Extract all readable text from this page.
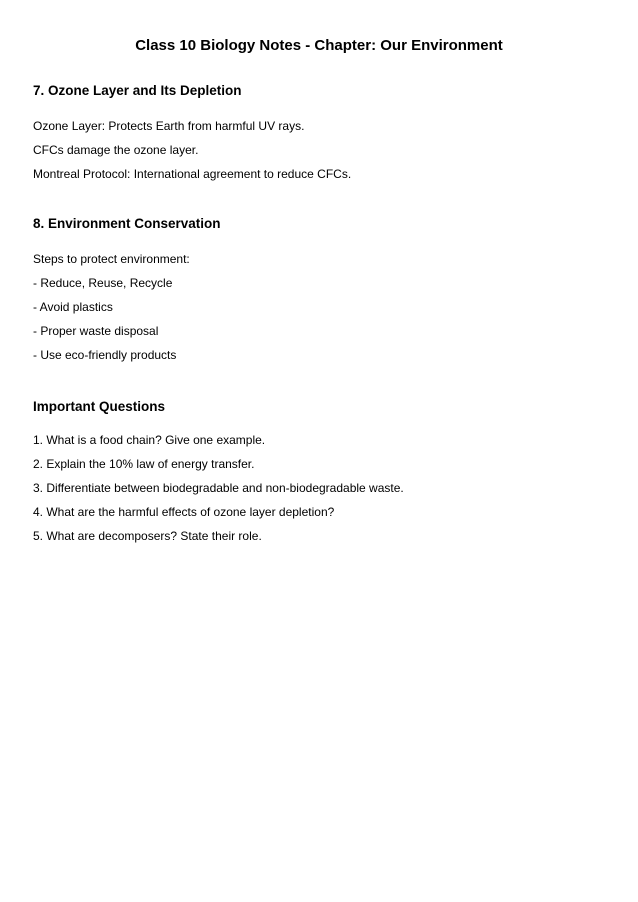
Class 10 Biology Notes - Chapter: Our Environment
7. Ozone Layer and Its Depletion

Ozone Layer: Protects Earth from harmful UV rays.

CFCs damage the ozone layer.

Montreal Protocol: International agreement to reduce CFCs.

8. Environment Conservation

Steps to protect environment:

- Reduce, Reuse, Recycle

- Avoid plastics

- Proper waste disposal

- Use eco-friendly products

Important Questions

1. What is a food chain? Give one example.

2. Explain the 10% law of energy transfer.

3. Differentiate between biodegradable and non-biodegradable waste.

4. What are the harmful effects of ozone layer depletion?

5. What are decomposers? State their role.
